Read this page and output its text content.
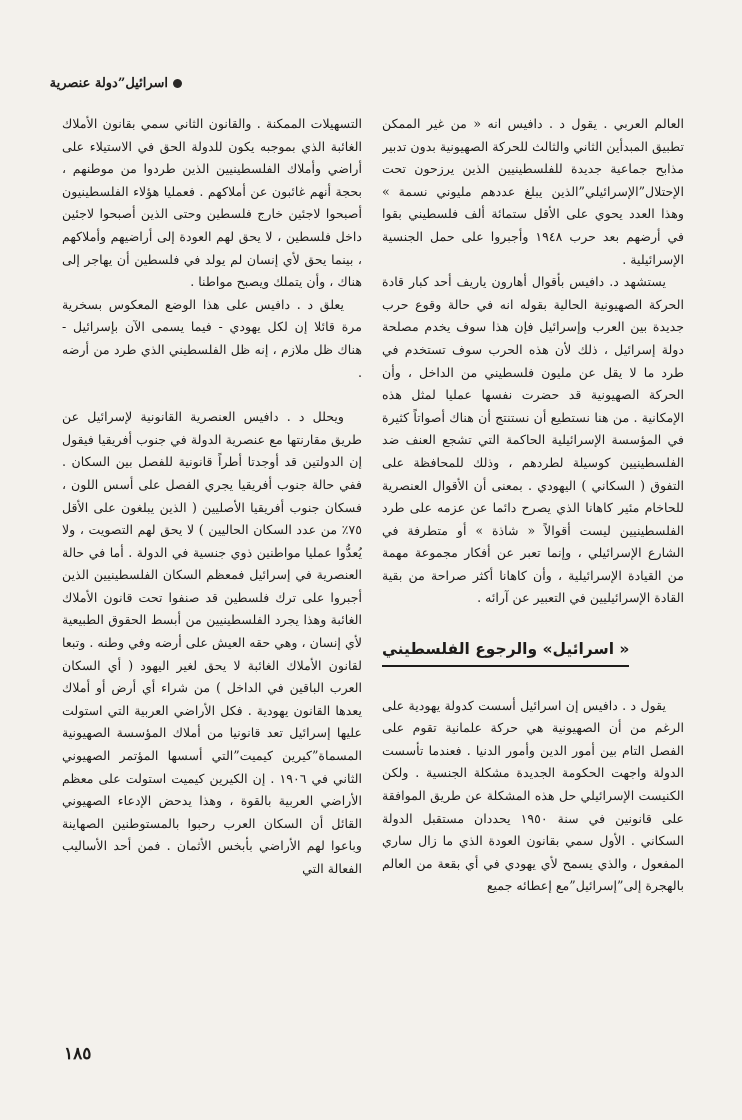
اسرائيل”دولة عنصرية

العالم العربي . يقول د . دافيس انه « من غير الممكن تطبيق المبدأين الثاني والثالث للحركة الصهيونية بدون تدبير مذابح جماعية جديدة للفلسطينيين الذين يرزحون تحت الإحتلال”الإسرائيلي”الذين يبلغ عددهم مليوني نسمة » وهذا العدد يحوي على الأقل ستمائة ألف فلسطيني بقوا في أرضهم بعد حرب ١٩٤٨ وأجبروا على حمل الجنسية الإسرائيلية .

يستشهد د. دافيس بأقوال أهارون ياريف أحد كبار قادة الحركة الصهيونية الحالية بقوله انه في حالة وقوع حرب جديدة بين العرب وإسرائيل فإن هذا سوف يخدم مصلحة دولة إسرائيل ، ذلك لأن هذه الحرب سوف تستخدم في طرد ما لا يقل عن مليون فلسطيني من الداخل ، وأن الحركة الصهيونية قد حضرت نفسها عمليا لمثل هذه الإمكانية . من هنا نستطيع أن نستنتج أن هناك أصواتاً كثيرة في المؤسسة الإسرائيلية الحاكمة التي تشجع العنف ضد الفلسطينيين كوسيلة لطردهم ، وذلك للمحافظة على التفوق ( السكاني ) اليهودي . بمعنى أن الأقوال العنصرية للحاخام مئير كاهانا الذي يصرح دائما عن عزمه على طرد الفلسطينيين ليست أقوالاً « شاذة » أو متطرفة في الشارع الإسرائيلي ، وإنما تعبر عن أفكار مجموعة مهمة من القيادة الإسرائيلية ، وأن كاهانا أكثر صراحة من بقية القادة الإسرائيليين في التعبير عن آرائه .

« اسرائيل» والرجوع الفلسطيني

يقول د . دافيس إن اسرائيل أسست كدولة يهودية على الرغم من أن الصهيونية هي حركة علمانية تقوم على الفصل التام بين أمور الدين وأمور الدنيا . فعندما تأسست الدولة واجهت الحكومة الجديدة مشكلة الجنسية . ولكن الكنيست الإسرائيلي حل هذه المشكلة عن طريق الموافقة على قانونين في سنة ١٩٥٠ يحددان مستقبل الدولة السكاني . الأول سمي بقانون العودة الذي ما زال ساري المفعول ، والذي يسمح لأي يهودي في أي بقعة من العالم بالهجرة إلى”إسرائيل”مع إعطائه جميع

التسهيلات الممكنة . والقانون الثاني سمي بقانون الأملاك الغائبة الذي بموجبه يكون للدولة الحق في الاستيلاء على أراضي وأملاك الفلسطينيين الذين طردوا من موطنهم ، بحجة أنهم غائبون عن أملاكهم . فعمليا هؤلاء الفلسطينيون أصبحوا لاجئين خارج فلسطين وحتى الذين أصبحوا لاجئين داخل فلسطين ، لا يحق لهم العودة إلى أراضيهم وأملاكهم ، بينما يحق لأي إنسان لم يولد في فلسطين أن يهاجر إلى هناك ، وأن يتملك ويصبح مواطنا .

يعلق د . دافيس على هذا الوضع المعكوس بسخرية مرة قائلا إن لكل يهودي - فيما يسمى الآن بإسرائيل - هناك ظل ملازم ، إنه ظل الفلسطيني الذي طرد من أرضه .

ويحلل د . دافيس العنصرية القانونية لإسرائيل عن طريق مقارنتها مع عنصرية الدولة في جنوب أفريقيا فيقول إن الدولتين قد أوجدتا أطراً قانونية للفصل بين السكان . ففي حالة جنوب أفريقيا يجري الفصل على أسس اللون ، فسكان جنوب أفريقيا الأصليين ( الذين يبلغون على الأقل ٧٥٪ من عدد السكان الحاليين ) لا يحق لهم التصويت ، ولا يُعدُّوا عمليا مواطنين ذوي جنسية في الدولة . أما في حالة العنصرية في إسرائيل فمعظم السكان الفلسطينيين الذين أجبروا على ترك فلسطين قد صنفوا تحت قانون الأملاك الغائبة وهذا يجرد الفلسطينيين من أبسط الحقوق الطبيعية لأي إنسان ، وهي حقه العيش على أرضه وفي وطنه . وتبعا لقانون الأملاك الغائبة لا يحق لغير اليهود ( أي السكان العرب الباقين في الداخل ) من شراء أي أرض أو أملاك يعدها القانون يهودية . فكل الأراضي العربية التي استولت عليها إسرائيل تعد قانونيا من أملاك المؤسسة الصهيونية المسماة”كيرين كيميت”التي أسسها المؤتمر الصهيوني الثاني في ١٩٠٦ . إن الكيرين كيميت استولت على معظم الأراضي العربية بالقوة ، وهذا يدحض الإدعاء الصهيوني القائل أن السكان العرب رحبوا بالمستوطنين الصهاينة وباعوا لهم الأراضي بأبخس الأثمان . فمن أحد الأساليب الفعالة التي

١٨٥
